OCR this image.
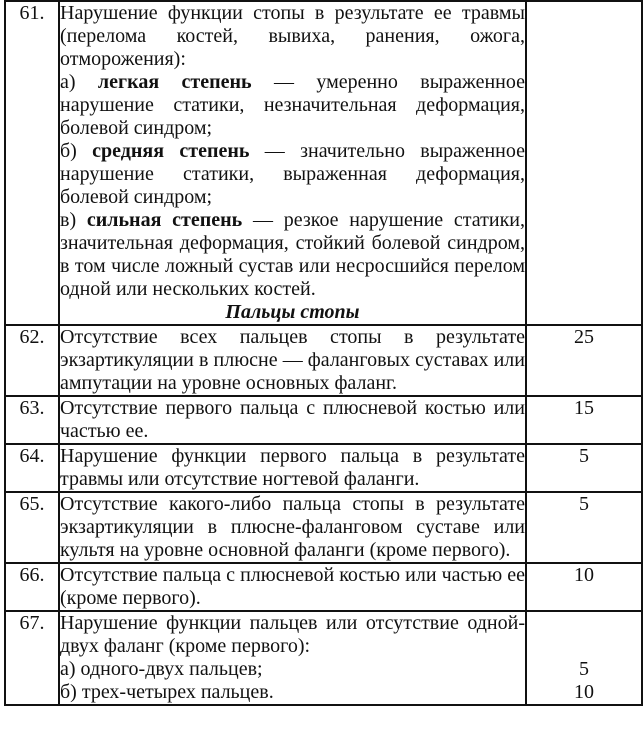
61.	Нарушение функции стопы в результате ее травмы (перелома костей, вывиха, ранения, ожога, отморожения):
а) легкая степень — умеренно выраженное нарушение статики, незначительная деформация, болевой синдром;
б) средняя степень — значительно выраженное нарушение статики, выраженная деформация, болевой синдром;
в) сильная степень — резкое нарушение статики, значительная деформация, стойкий болевой синдром, в том числе ложный сустав или несросшийся перелом одной или нескольких костей.
Пальцы стопы	

62.	Отсутствие всех пальцев стопы в результате экзартикуляции в плюсне — фаланговых суставах или ампутации на уровне основных фаланг.	25
63.	Отсутствие первого пальца с плюсневой костью или частью ее.	15
64.	Нарушение функции первого пальца в результате травмы или отсутствие ногтевой фаланги.	5
65.	Отсутствие какого-либо пальца стопы в результате экзартикуляции в плюсне-фаланговом суставе или культя на уровне основной фаланги (кроме первого).	5
66.	Отсутствие пальца с плюсневой костью или частью ее (кроме первого).	10
67.	Нарушение функции пальцев или отсутствие одной-двух фаланг (кроме первого):	
	а) одного-двух пальцев;	5
	б) трех-четырех пальцев.	10
